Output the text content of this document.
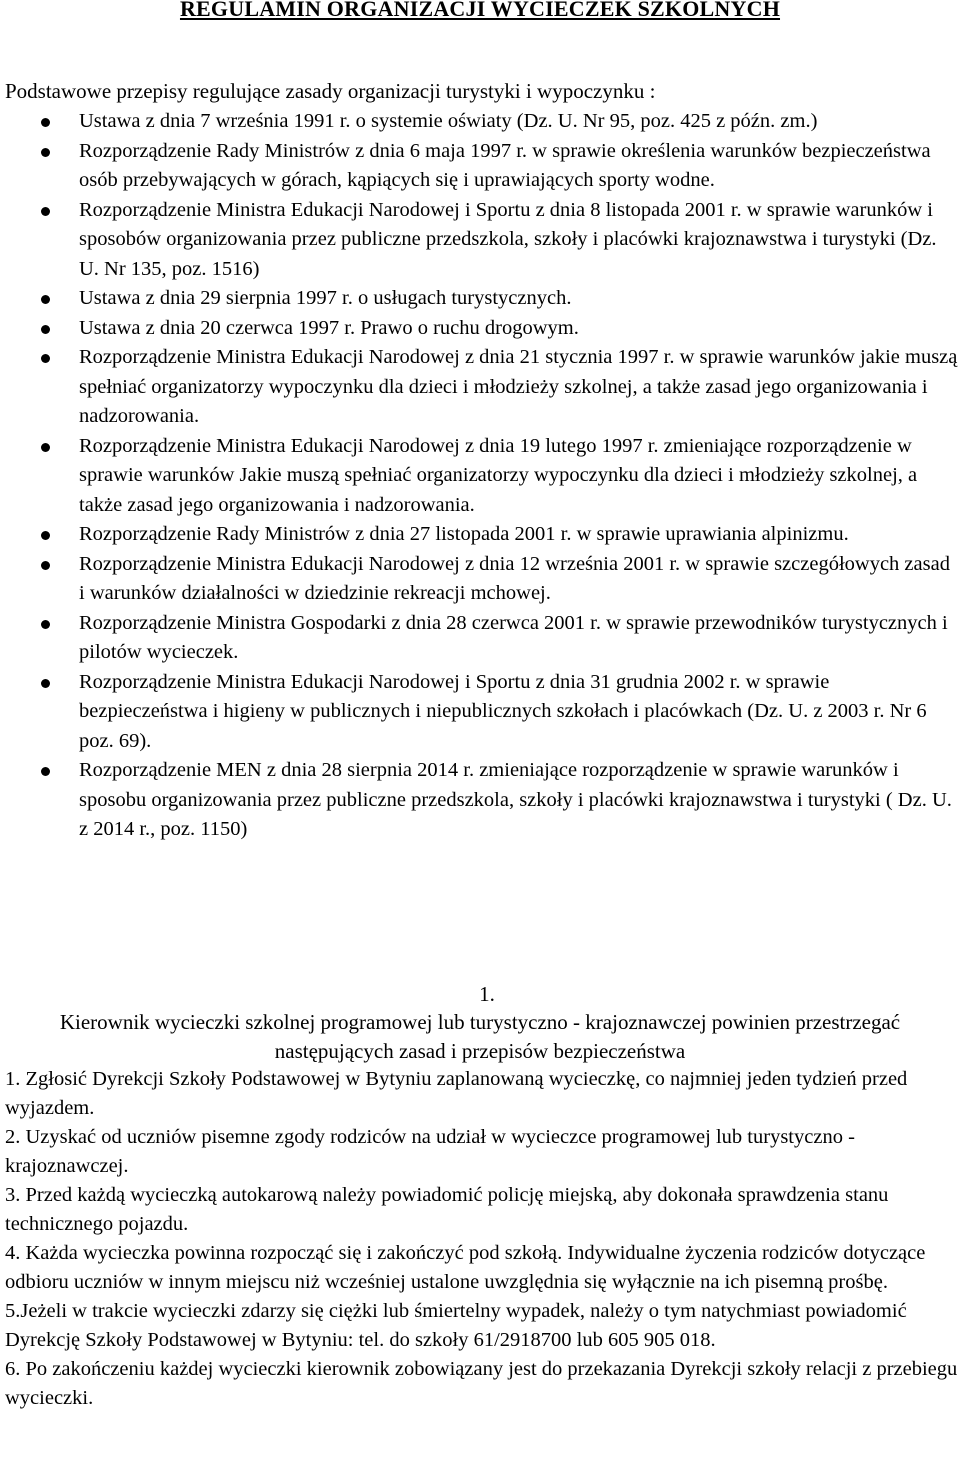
REGULAMIN ORGANIZACJI WYCIECZEK SZKOLNYCH

Podstawowe przepisy regulujące zasady organizacji turystyki i wypoczynku :

Ustawa z dnia 7 września 1991 r. o systemie oświaty (Dz. U. Nr 95, poz. 425 z późn. zm.)
Rozporządzenie Rady Ministrów z dnia 6 maja 1997 r. w sprawie określenia warunków bezpieczeństwa osób przebywających w górach, kąpiących się i uprawiających sporty wodne.
Rozporządzenie Ministra Edukacji Narodowej i Sportu z dnia 8 listopada 2001 r. w sprawie warunków i sposobów organizowania przez publiczne przedszkola, szkoły i placówki krajoznawstwa i turystyki (Dz. U. Nr 135, poz. 1516)
Ustawa z dnia 29 sierpnia 1997 r. o usługach turystycznych.
Ustawa z dnia 20 czerwca 1997 r. Prawo o ruchu drogowym.
Rozporządzenie Ministra Edukacji Narodowej z dnia 21 stycznia 1997 r. w sprawie warunków jakie muszą spełniać organizatorzy wypoczynku dla dzieci i młodzieży szkolnej, a także zasad jego organizowania i nadzorowania.
Rozporządzenie Ministra Edukacji Narodowej z dnia 19 lutego 1997 r. zmieniające rozporządzenie w sprawie warunków Jakie muszą spełniać organizatorzy wypoczynku dla dzieci i młodzieży szkolnej, a także zasad jego organizowania i nadzorowania.
Rozporządzenie Rady Ministrów z dnia 27 listopada 2001 r. w sprawie uprawiania alpinizmu.
Rozporządzenie Ministra Edukacji Narodowej z dnia 12 września 2001 r. w sprawie szczegółowych zasad i warunków działalności w dziedzinie rekreacji mchowej.
Rozporządzenie Ministra Gospodarki z dnia 28 czerwca 2001 r. w sprawie przewodników turystycznych i pilotów wycieczek.
Rozporządzenie Ministra Edukacji Narodowej i Sportu z dnia 31 grudnia 2002 r. w sprawie bezpieczeństwa i higieny w publicznych i niepublicznych szkołach i placówkach (Dz. U. z 2003 r. Nr 6 poz. 69).
Rozporządzenie MEN z dnia 28 sierpnia 2014 r. zmieniające rozporządzenie w sprawie warunków i sposobu organizowania przez publiczne przedszkola, szkoły i placówki krajoznawstwa i turystyki ( Dz. U. z 2014 r., poz. 1150)

1.

Kierownik wycieczki szkolnej programowej lub turystyczno - krajoznawczej powinien przestrzegać następujących zasad i przepisów bezpieczeństwa

1. Zgłosić Dyrekcji Szkoły Podstawowej w Bytyniu zaplanowaną wycieczkę, co najmniej jeden tydzień przed wyjazdem.

2. Uzyskać od uczniów pisemne zgody rodziców na udział w wycieczce programowej lub turystyczno - krajoznawczej.

3. Przed każdą wycieczką autokarową należy powiadomić policję miejską, aby dokonała sprawdzenia stanu technicznego pojazdu.

4. Każda wycieczka powinna rozpocząć się i zakończyć pod szkołą. Indywidualne życzenia rodziców dotyczące odbioru uczniów w innym miejscu niż wcześniej ustalone uwzględnia się wyłącznie na ich pisemną prośbę.

5.Jeżeli w trakcie wycieczki zdarzy się ciężki lub śmiertelny wypadek, należy o tym natychmiast powiadomić Dyrekcję Szkoły Podstawowej w Bytyniu: tel. do szkoły 61/2918700 lub 605 905 018.

6. Po zakończeniu każdej wycieczki kierownik zobowiązany jest do przekazania Dyrekcji szkoły relacji z przebiegu wycieczki.
